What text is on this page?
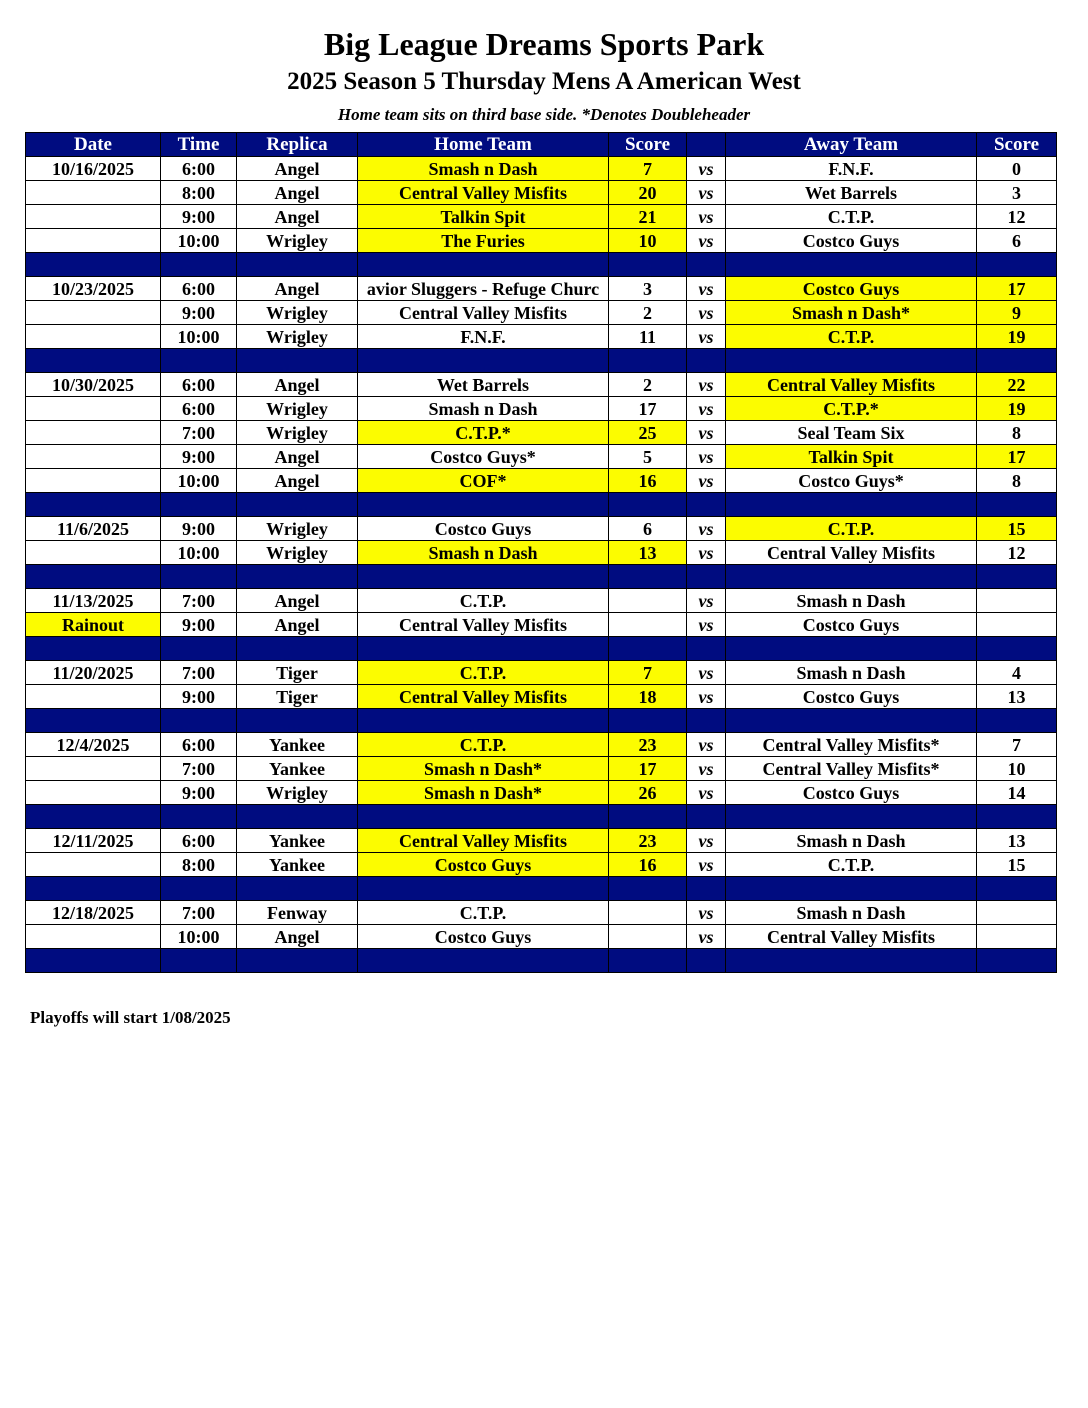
Big League Dreams Sports Park
2025 Season 5 Thursday Mens A American West
Home team sits on third base side. *Denotes Doubleheader
Date	Time	Replica	Home Team	Score		Away Team	Score
10/16/2025	6:00	Angel	Smash n Dash	7	vs	F.N.F.	0
	8:00	Angel	Central Valley Misfits	20	vs	Wet Barrels	3
	9:00	Angel	Talkin Spit	21	vs	C.T.P.	12
	10:00	Wrigley	The Furies	10	vs	Costco Guys	6

10/23/2025	6:00	Angel	avior Sluggers - Refuge Churc	3	vs	Costco Guys	17
	9:00	Wrigley	Central Valley Misfits	2	vs	Smash n Dash*	9
	10:00	Wrigley	F.N.F.	11	vs	C.T.P.	19

10/30/2025	6:00	Angel	Wet Barrels	2	vs	Central Valley Misfits	22
	6:00	Wrigley	Smash n Dash	17	vs	C.T.P.*	19
	7:00	Wrigley	C.T.P.*	25	vs	Seal Team Six	8
	9:00	Angel	Costco Guys*	5	vs	Talkin Spit	17
	10:00	Angel	COF*	16	vs	Costco Guys*	8

11/6/2025	9:00	Wrigley	Costco Guys	6	vs	C.T.P.	15
	10:00	Wrigley	Smash n Dash	13	vs	Central Valley Misfits	12

11/13/2025	7:00	Angel	C.T.P.		vs	Smash n Dash	
Rainout	9:00	Angel	Central Valley Misfits		vs	Costco Guys	

11/20/2025	7:00	Tiger	C.T.P.	7	vs	Smash n Dash	4
	9:00	Tiger	Central Valley Misfits	18	vs	Costco Guys	13

12/4/2025	6:00	Yankee	C.T.P.	23	vs	Central Valley Misfits*	7
	7:00	Yankee	Smash n Dash*	17	vs	Central Valley Misfits*	10
	9:00	Wrigley	Smash n Dash*	26	vs	Costco Guys	14

12/11/2025	6:00	Yankee	Central Valley Misfits	23	vs	Smash n Dash	13
	8:00	Yankee	Costco Guys	16	vs	C.T.P.	15

12/18/2025	7:00	Fenway	C.T.P.		vs	Smash n Dash	
	10:00	Angel	Costco Guys		vs	Central Valley Misfits	

Playoffs will start 1/08/2025
